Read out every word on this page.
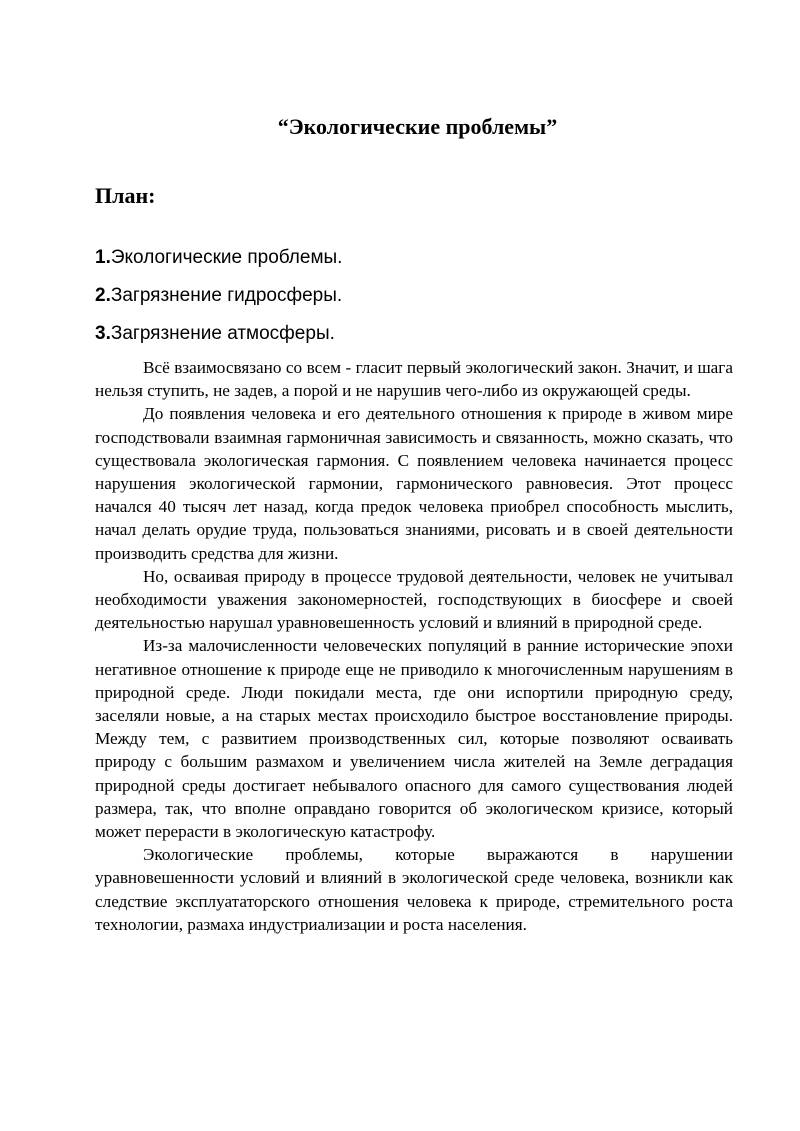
“Экологические проблемы”
План:
1.Экологические проблемы.
2.Загрязнение гидросферы.
3.Загрязнение атмосферы.

Всё взаимосвязано со всем - гласит первый экологический закон. Значит, и шага нельзя ступить, не задев, а порой и не нарушив чего-либо из окружающей среды.

До появления человека и его деятельного отношения к природе в живом мире господствовали взаимная гармоничная зависимость и связанность, можно сказать, что существовала экологическая гармония. С появлением человека начинается процесс нарушения экологической гармонии, гармонического равновесия. Этот процесс начался 40 тысяч лет назад, когда предок человека приобрел способность мыслить, начал делать орудие труда, пользоваться знаниями, рисовать и в своей деятельности производить средства для жизни.

Но, осваивая природу в процессе трудовой деятельности, человек не учитывал необходимости уважения закономерностей, господствующих в биосфере и своей деятельностью нарушал уравновешенность условий и влияний в природной среде.

Из-за малочисленности человеческих популяций в ранние исторические эпохи негативное отношение к природе еще не приводило к многочисленным нарушениям в природной среде. Люди покидали места, где они испортили природную среду, заселяли новые, а на старых местах происходило быстрое восстановление природы. Между тем, с развитием производственных сил, которые позволяют осваивать природу с большим размахом и увеличением числа жителей на Земле деградация природной среды достигает небывалого опасного для самого существования людей размера, так, что вполне оправдано говорится об экологическом кризисе, который может перерасти в экологическую катастрофу.

Экологические проблемы, которые выражаются в нарушении уравновешенности условий и влияний в экологической среде человека, возникли как следствие эксплуататорского отношения человека к природе, стремительного роста технологии, размаха индустриализации и роста населения.
